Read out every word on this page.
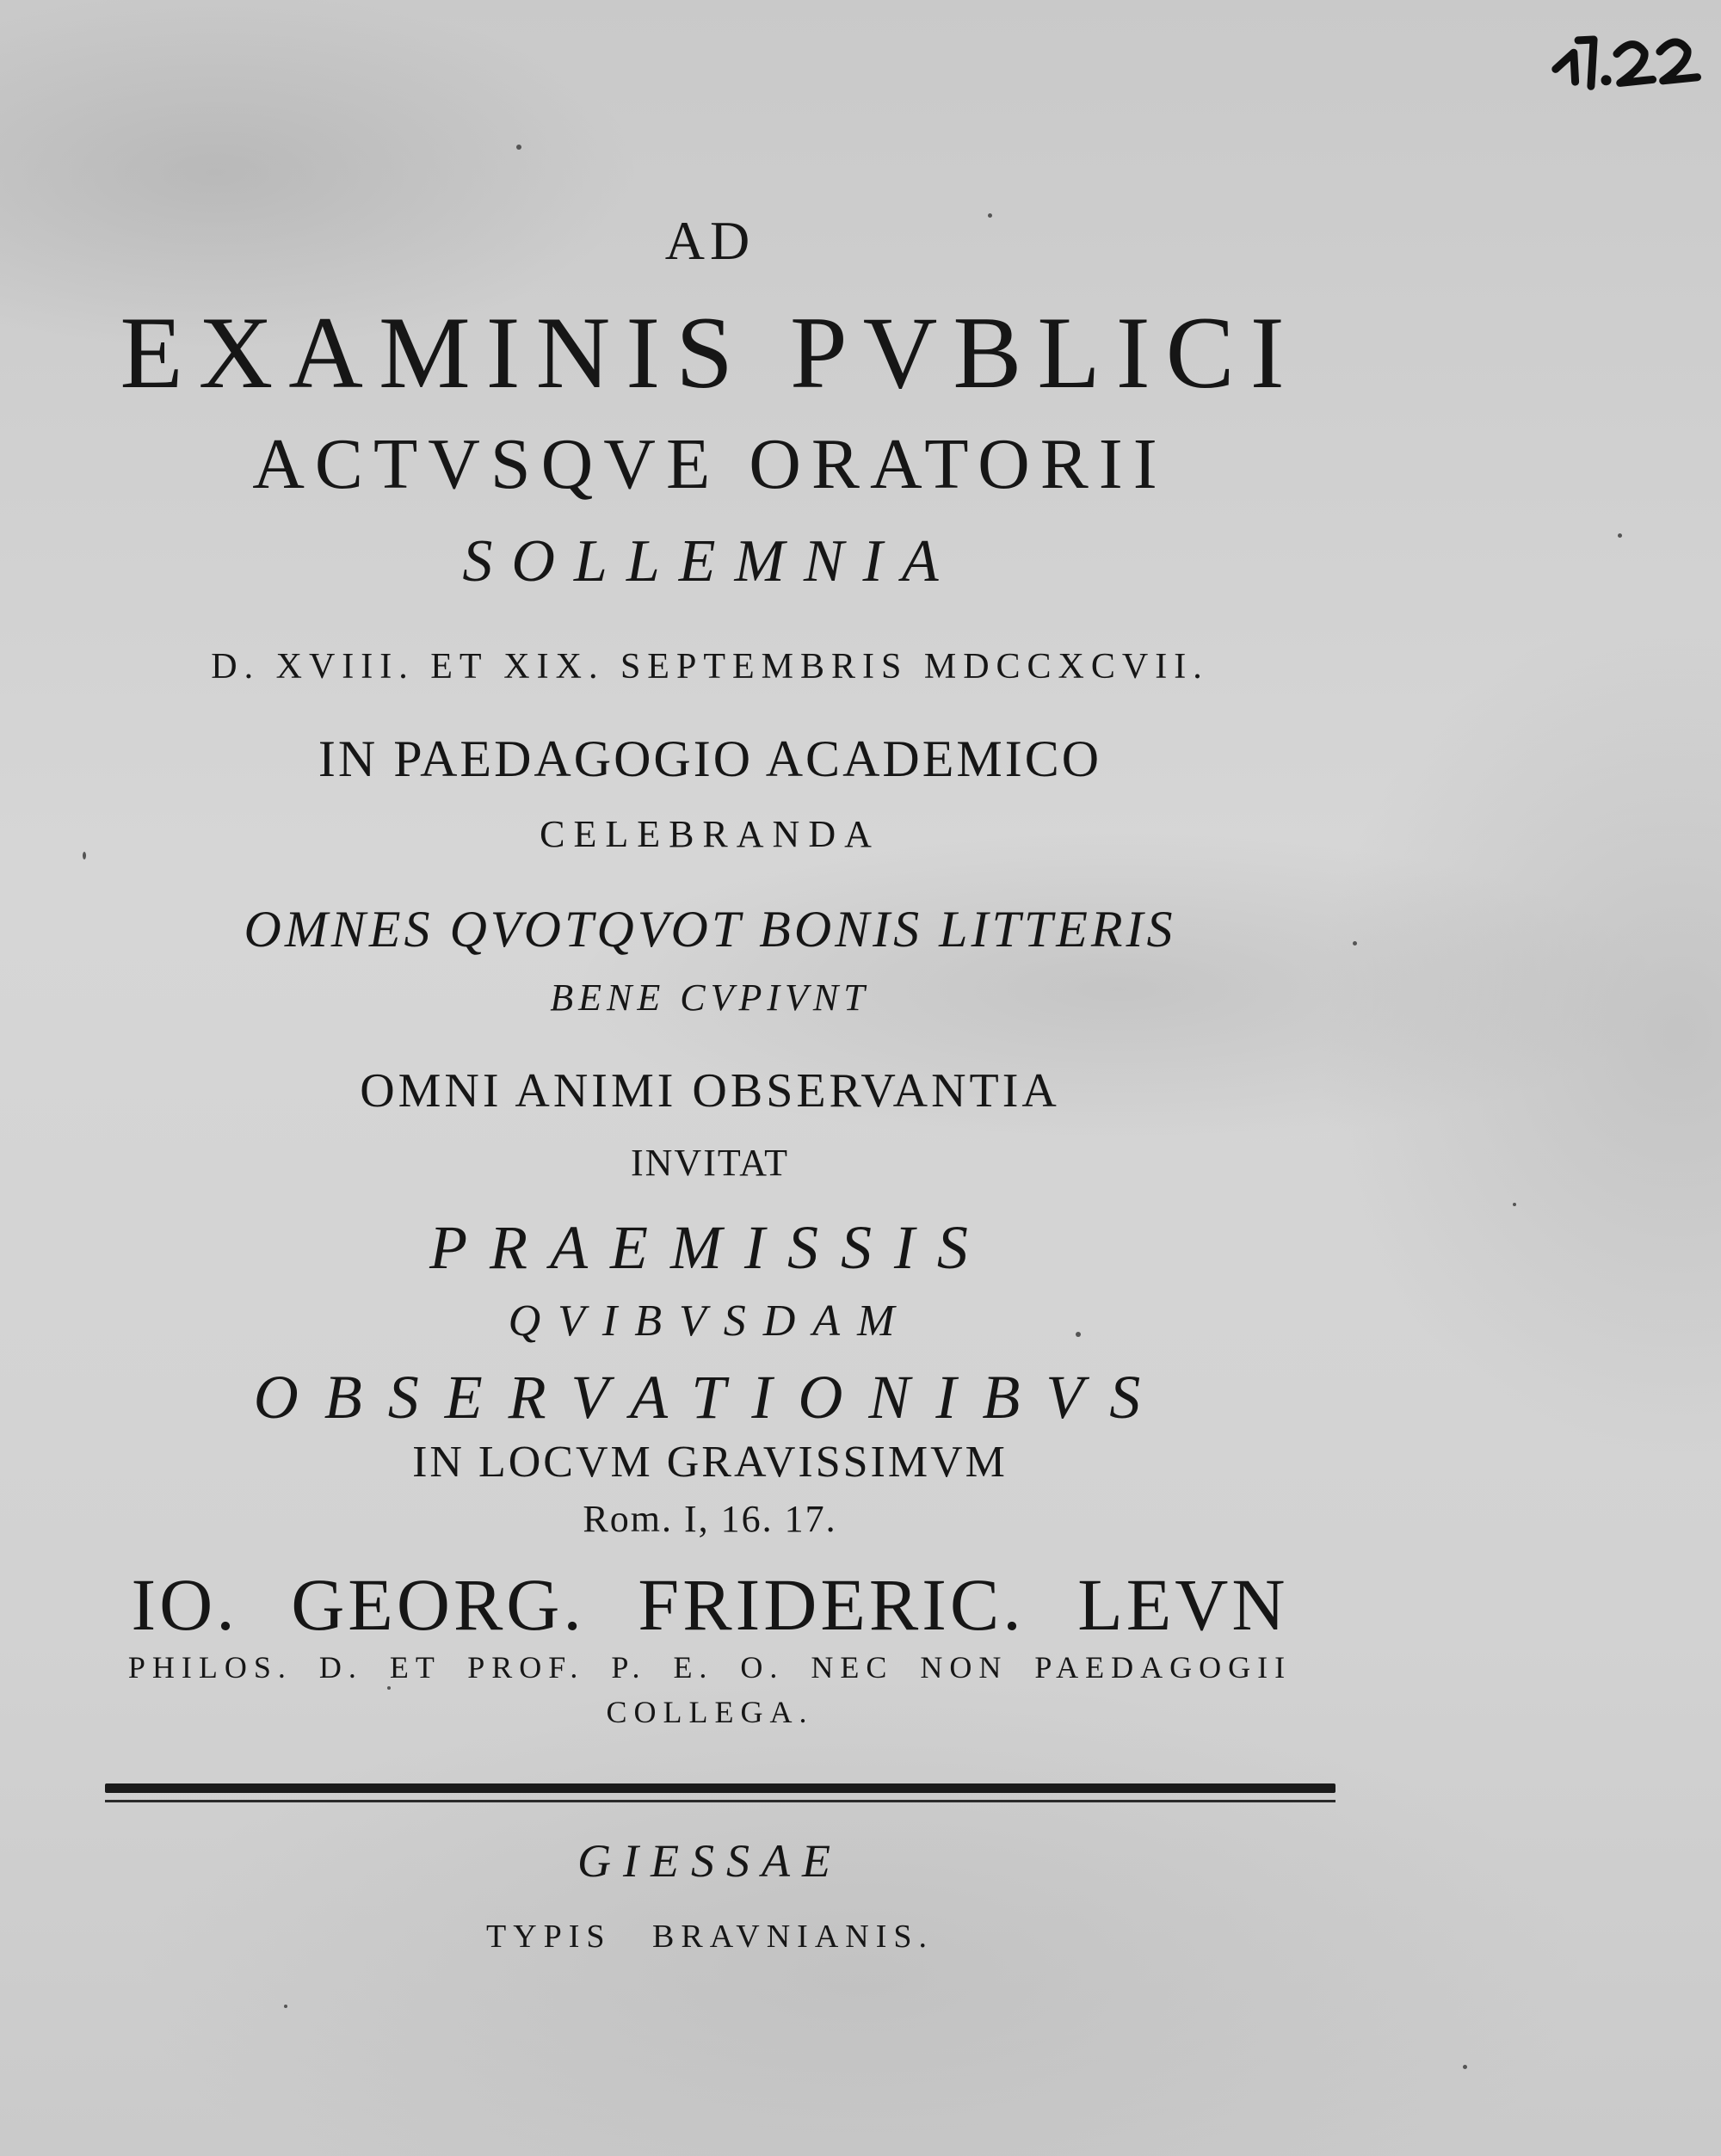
AD
EXAMINIS PVBLICI
ACTVSQVE ORATORII
SOLLEMNIA
D. XVIII. ET XIX. SEPTEMBRIS MDCCXCVII.
IN PAEDAGOGIO ACADEMICO
CELEBRANDA
OMNES QVOTQVOT BONIS LITTERIS
BENE CVPIVNT
OMNI ANIMI OBSERVANTIA
INVITAT
PRAEMISSIS
QVIBVSDAM
OBSERVATIONIBVS
IN LOCVM GRAVISSIMVM
Rom. I, 16. 17.
IO. GEORG. FRIDERIC. LEVN
PHILOS. D. ET PROF. P. E. O. NEC NON PAEDAGOGII
COLLEGA.
GIESSAE
TYPIS BRAVNIANIS.
